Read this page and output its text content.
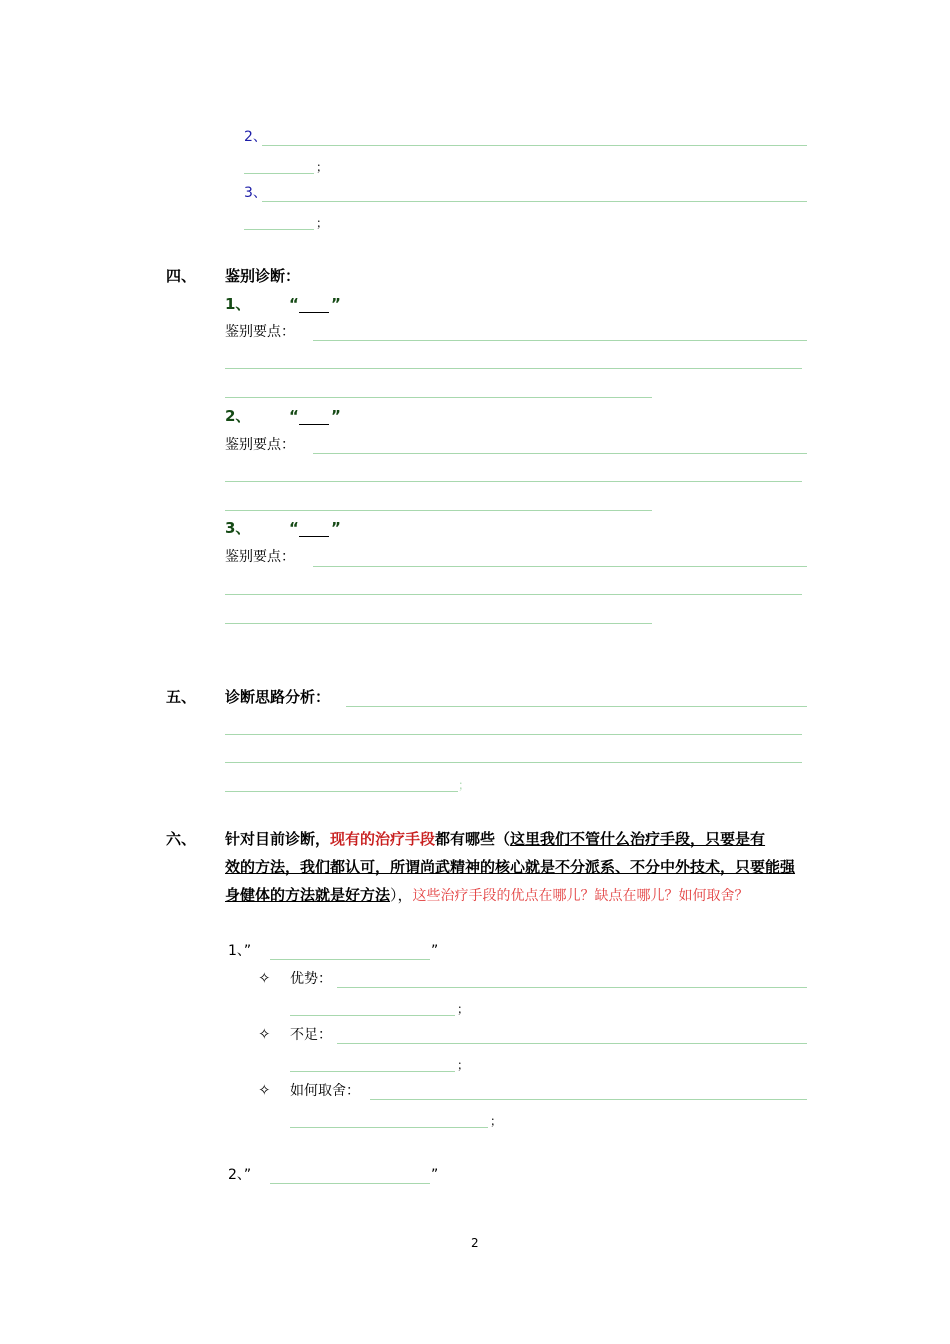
2、
；
3、
；
四、 鉴别诊断：
1、	“ ”
鉴别要点：
2、	“ ”
鉴别要点：
3、	“ ”
鉴别要点：
五、 诊断思路分析：
；
六、 针对目前诊断，现有的治疗手段都有哪些（这里我们不管什么治疗手段，只要是有
效的方法，我们都认可，所谓尚武精神的核心就是不分派系、不分中外技术，只要能强
身健体的方法就是好方法），这些治疗手段的优点在哪儿？缺点在哪儿？如何取舍？
1、”	”
✧ 优势：
；
✧ 不足：
；
✧ 如何取舍：
；
2、”	”
2
